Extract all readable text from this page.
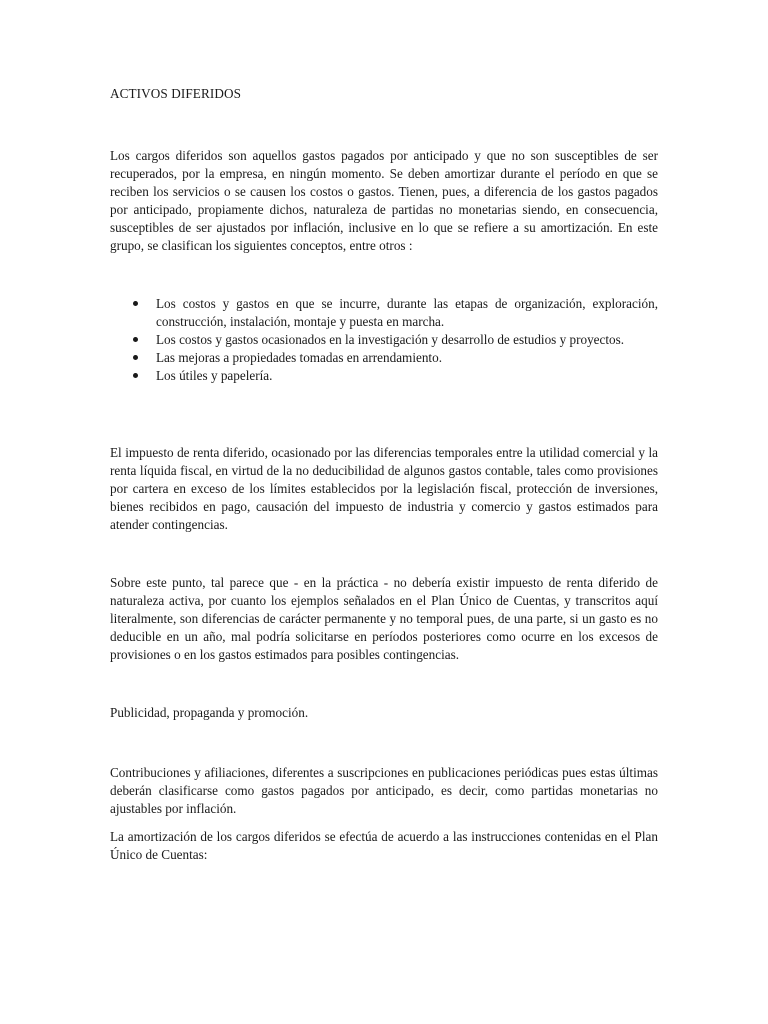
ACTIVOS DIFERIDOS

Los cargos diferidos son aquellos gastos pagados por anticipado y que no son susceptibles de ser recuperados, por la empresa, en ningún momento. Se deben amortizar durante el período en que se reciben los servicios o se causen los costos o gastos. Tienen, pues, a diferencia de los gastos pagados por anticipado, propiamente dichos, naturaleza de partidas no monetarias siendo, en consecuencia, susceptibles de ser ajustados por inflación, inclusive en lo que se refiere a su amortización. En este grupo, se clasifican los siguientes conceptos, entre otros :

Los costos y gastos en que se incurre, durante las etapas de organización, exploración, construcción, instalación, montaje y puesta en marcha.
Los costos y gastos ocasionados en la investigación y desarrollo de estudios y proyectos.
Las mejoras a propiedades tomadas en arrendamiento.
Los útiles y papelería.

El impuesto de renta diferido, ocasionado por las diferencias temporales entre la utilidad comercial y la renta líquida fiscal, en virtud de la no deducibilidad de algunos gastos contable, tales como provisiones por cartera en exceso de los límites establecidos por la legislación fiscal, protección de inversiones, bienes recibidos en pago, causación del impuesto de industria y comercio y gastos estimados para atender contingencias.

Sobre este punto, tal parece que - en la práctica - no debería existir impuesto de renta diferido de naturaleza activa, por cuanto los ejemplos señalados en el Plan Único de Cuentas, y transcritos aquí literalmente, son diferencias de carácter permanente y no temporal pues, de una parte, si un gasto es no deducible en un año, mal podría solicitarse en períodos posteriores como ocurre en los excesos de provisiones o en los gastos estimados para posibles contingencias.

Publicidad, propaganda y promoción.

Contribuciones y afiliaciones, diferentes a suscripciones en publicaciones periódicas pues estas últimas deberán clasificarse como gastos pagados por anticipado, es decir, como partidas monetarias no ajustables por inflación.

La amortización de los cargos diferidos se efectúa de acuerdo a las instrucciones contenidas en el Plan Único de Cuentas:
